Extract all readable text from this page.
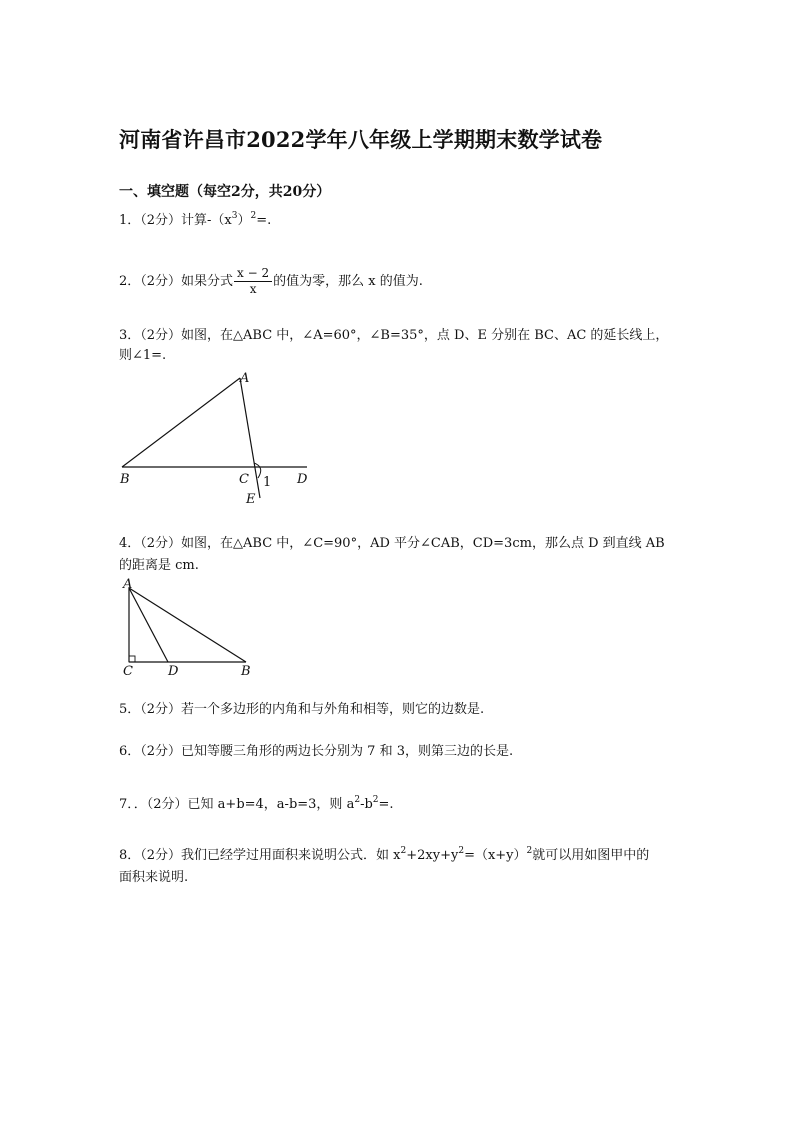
河南省许昌市2022学年八年级上学期期末数学试卷
一、填空题（每空2分，共20分）
1．（2分）计算$-(x^3)^2=$.
2．（2分）如果分式 $\frac{x - 2}{x}$ 的值为零，那么 x 的值为.
3．（2分）如图，在△ABC 中，∠A=60°，∠B=35°，点 D、E 分别在 BC、AC 的延长线上，
则∠1=.
A
B	C 1 D
E
4．（2分）如图，在△ABC 中，∠C=90°，AD 平分∠CAB，CD=3cm，那么点 D 到直线 AB
的距离是 cm.
A
C	D	B
5．（2分）若一个多边形的内角和与外角和相等，则它的边数是.
6．（2分）已知等腰三角形的两边长分别为 7 和 3，则第三边的长是.
7．．（2分）已知 a+b=4，a-b=3，则 $a^2-b^2=$.
8．（2分）我们已经学过用面积来说明公式．如 $x^2+2xy+y^2=(x+y)^2$就可以用如图甲中的
面积来说明.
